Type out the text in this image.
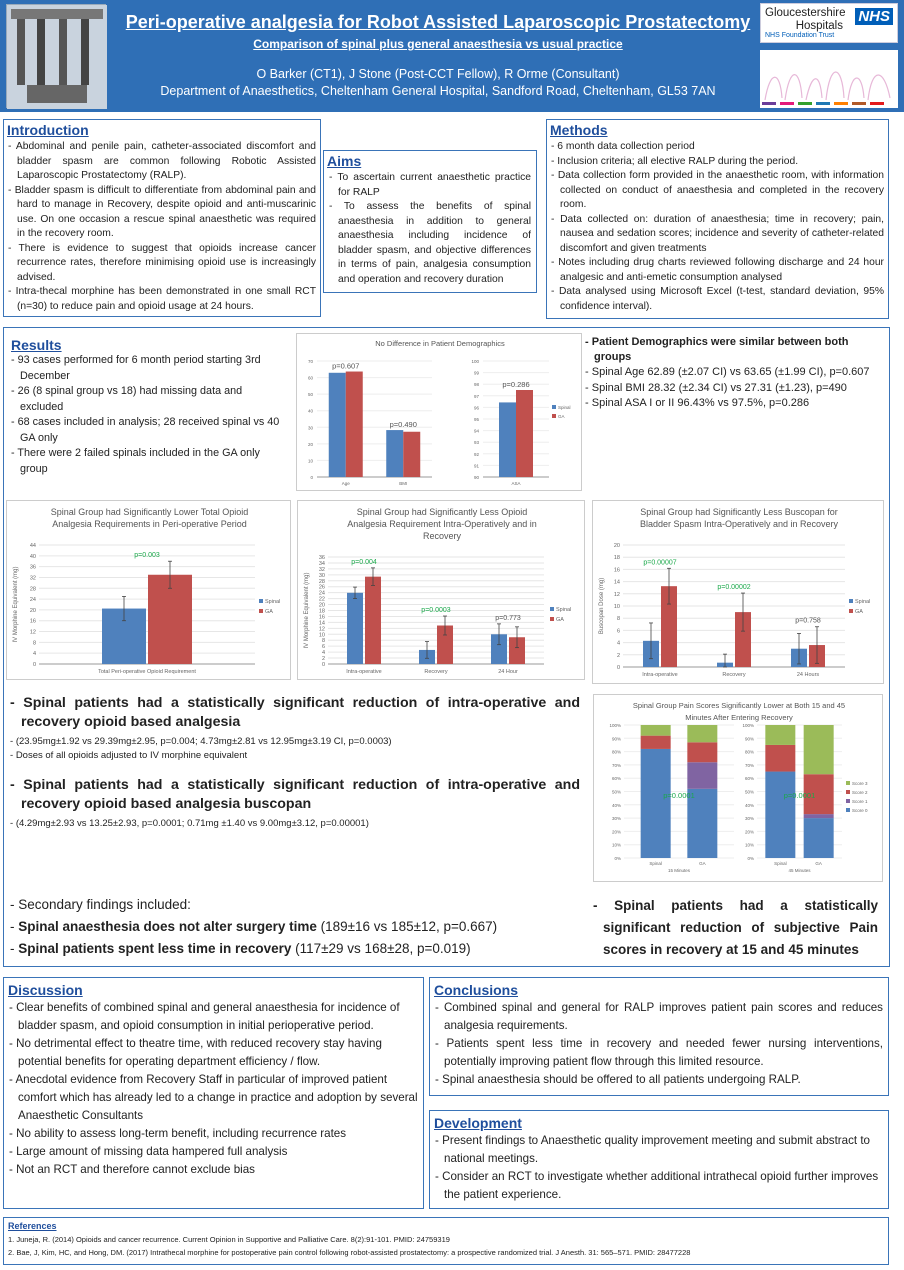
Peri-operative analgesia for Robot Assisted Laparoscopic Prostatectomy
Comparison of spinal plus general anaesthesia vs usual practice
O Barker (CT1), J Stone (Post-CCT Fellow), R Orme (Consultant)
Department of Anaesthetics, Cheltenham General Hospital, Sandford Road, Cheltenham, GL53 7AN
Gloucestershire
Hospitals
NHS
NHS Foundation Trust
Introduction
- Abdominal and penile pain, catheter-associated discomfort and bladder spasm are common following Robotic Assisted Laparoscopic Prostatectomy (RALP).
- Bladder spasm is difficult to differentiate from abdominal pain and hard to manage in Recovery, despite opioid and anti-muscarinic use. On one occasion a rescue spinal anaesthetic was required in the recovery room.
- There is evidence to suggest that opioids increase cancer recurrence rates, therefore minimising opioid use is increasingly advised.
- Intra-thecal morphine has been demonstrated in one small RCT (n=30) to reduce pain and opioid usage at 24 hours.
Aims
- To ascertain current anaesthetic practice for RALP
- To assess the benefits of spinal anaesthesia in addition to general anaesthesia including incidence of bladder spasm, and objective differences in terms of pain, analgesia consumption and operation and recovery duration
Methods
- 6 month data collection period
- Inclusion criteria; all elective RALP during the period.
- Data collection form provided in the anaesthetic room, with information collected on conduct of anaesthesia and completed in the recovery room.
- Data collected on: duration of anaesthesia; time in recovery; pain, nausea and sedation scores; incidence and severity of catheter-related discomfort and given treatments
- Notes including drug charts reviewed following discharge and 24 hour analgesic and anti-emetic consumption analysed
- Data analysed using Microsoft Excel (t-test, standard deviation, 95% confidence interval).
Results
- 93 cases performed for 6 month period starting 3rd December
- 26 (8 spinal group vs 18) had missing data and excluded
- 68 cases included in analysis; 28 received spinal vs 40 GA only
- There were 2 failed spinals included in the GA only group
No Difference in Patient Demographics
0
10
20
30
40
50
60
70
Age
p=0.607
BMI
p=0.490
90
91
92
93
94
95
96
97
98
99
100
ASA
p=0.286
Spinal
GA
- Patient Demographics were similar between both groups
- Spinal Age 62.89 (±2.07 CI) vs 63.65 (±1.99 CI), p=0.607
- Spinal BMI 28.32 (±2.34 CI) vs 27.31 (±1.23), p=490
- Spinal ASA I or II 96.43% vs 97.5%, p=0.286
Spinal Group had Significantly Lower Total Opioid
Analgesia Requirements in Peri-operative Period
0
4
8
12
16
20
24
28
32
36
40
44
IV Morphine Equivalent (mg)
Total Peri-operative Opioid Requirement
p=0.003
Spinal
GA
Spinal Group had Significantly Less Opioid
Analgesia Requirement Intra-Operatively and in
Recovery
0
2
4
6
8
10
12
14
16
18
20
22
24
26
28
30
32
34
36
IV Morphine Equivalent (mg)
Intra-operative
p=0.004
Recovery
p=0.0003
24 Hour
p=0.773
Spinal
GA
Spinal Group had Significantly Less Buscopan for
Bladder Spasm Intra-Operatively and in Recovery
0
2
4
6
8
10
12
14
16
18
20
Buscopan Dose (mg)
Intra-operative
p=0.00007
Recovery
p=0.00002
24 Hours
p=0.758
Spinal
GA
- Spinal patients had a statistically significant reduction of intra-operative and recovery opioid based analgesia
- (23.95mg±1.92 vs 29.39mg±2.95, p=0.004; 4.73mg±2.81 vs 12.95mg±3.19 CI, p=0.0003)
- Doses of all opioids adjusted to IV morphine equivalent
- Spinal patients had a statistically significant reduction of intra-operative and recovery opioid based analgesia buscopan
- (4.29mg±2.93 vs 13.25±2.93, p=0.0001; 0.71mg ±1.40 vs 9.00mg±3.12, p=0.00001)
- Secondary findings included:
- Spinal anaesthesia does not alter surgery time (189±16 vs 185±12, p=0.667)
- Spinal patients spent less time in recovery (117±29 vs 168±28, p=0.019)
Spinal Group Pain Scores Significantly Lower at Both 15 and 45
Minutes After Entering Recovery
0%
10%
20%
30%
40%
50%
60%
70%
80%
90%
100%
Spinal	GA
15 Minutes
p=0.0001
0%
10%
20%
30%
40%
50%
60%
70%
80%
90%
100%
Spinal	GA
45 Minutes
p=0.0001
Score 3
Score 2
Score 1
Score 0
- Spinal patients had a statistically significant reduction of subjective Pain scores in recovery at 15 and 45 minutes
Discussion
- Clear benefits of combined spinal and general anaesthesia for incidence of bladder spasm, and opioid consumption in initial perioperative period.
- No detrimental effect to theatre time, with reduced recovery stay having potential benefits for operating department efficiency / flow.
- Anecdotal evidence from Recovery Staff in particular of improved patient comfort which has already led to a change in practice and adoption by several Anaesthetic Consultants
- No ability to assess long-term benefit, including recurrence rates
- Large amount of missing data hampered full analysis
- Not an RCT and therefore cannot exclude bias
Conclusions
- Combined spinal and general for RALP improves patient pain scores and reduces analgesia requirements.
- Patients spent less time in recovery and needed fewer nursing interventions, potentially improving patient flow through this limited resource.
- Spinal anaesthesia should be offered to all patients undergoing RALP.
Development
- Present findings to Anaesthetic quality improvement meeting and submit abstract to national meetings.
- Consider an RCT to investigate whether additional intrathecal opioid further improves the patient experience.
References
1. Juneja, R. (2014) Opioids and cancer recurrence. Current Opinion in Supportive and Palliative Care. 8(2):91-101. PMID: 24759319
2. Bae, J, Kim, HC, and Hong, DM. (2017) Intrathecal morphine for postoperative pain control following robot-assisted prostatectomy: a prospective randomized trial. J Anesth. 31: 565–571. PMID: 28477228
